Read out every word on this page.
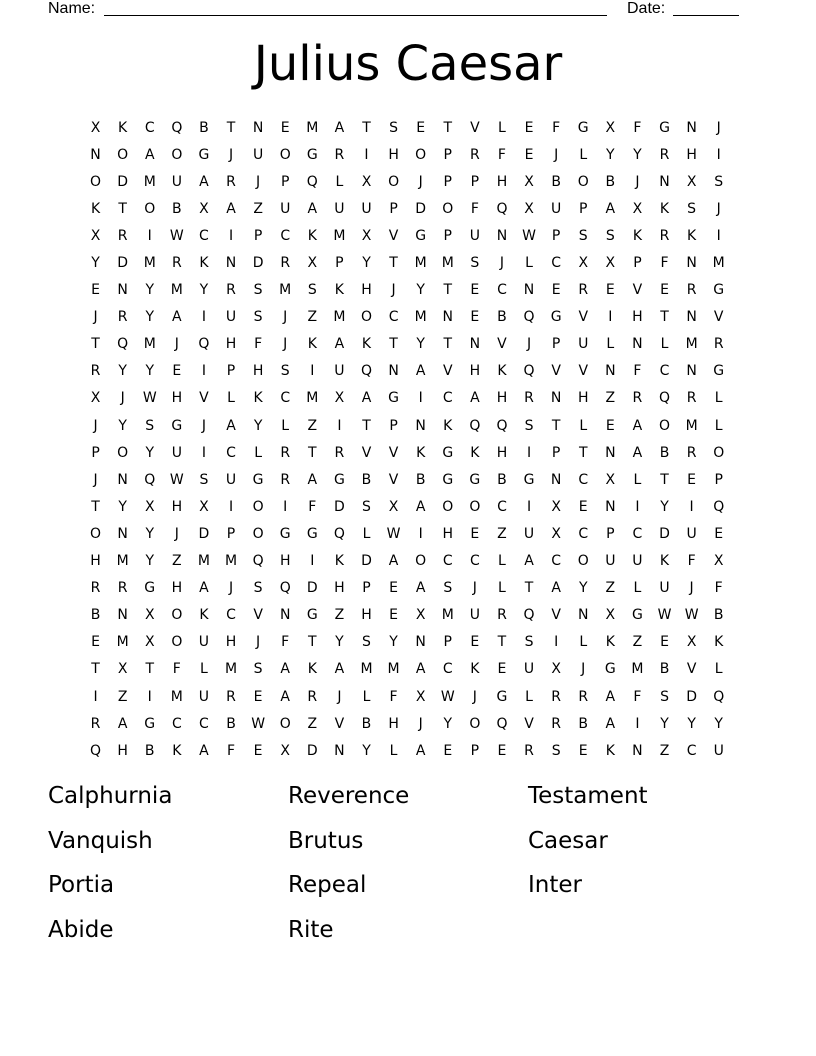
Name:	Date:
Julius Caesar
X	K	C	Q	B	T	N	E	M	A	T	S	E	T	V	L	E	F	G	X	F	G	N	J
N	O	A	O	G	J	U	O	G	R	I	H	O	P	R	F	E	J	L	Y	Y	R	H	I
O	D	M	U	A	R	J	P	Q	L	X	O	J	P	P	H	X	B	O	B	J	N	X	S
K	T	O	B	X	A	Z	U	A	U	U	P	D	O	F	Q	X	U	P	A	X	K	S	J
X	R	I	W	C	I	P	C	K	M	X	V	G	P	U	N	W	P	S	S	K	R	K	I
Y	D	M	R	K	N	D	R	X	P	Y	T	M	M	S	J	L	C	X	X	P	F	N	M
E	N	Y	M	Y	R	S	M	S	K	H	J	Y	T	E	C	N	E	R	E	V	E	R	G
J	R	Y	A	I	U	S	J	Z	M	O	C	M	N	E	B	Q	G	V	I	H	T	N	V
T	Q	M	J	Q	H	F	J	K	A	K	T	Y	T	N	V	J	P	U	L	N	L	M	R
R	Y	Y	E	I	P	H	S	I	U	Q	N	A	V	H	K	Q	V	V	N	F	C	N	G
X	J	W	H	V	L	K	C	M	X	A	G	I	C	A	H	R	N	H	Z	R	Q	R	L
J	Y	S	G	J	A	Y	L	Z	I	T	P	N	K	Q	Q	S	T	L	E	A	O	M	L
P	O	Y	U	I	C	L	R	T	R	V	V	K	G	K	H	I	P	T	N	A	B	R	O
J	N	Q	W	S	U	G	R	A	G	B	V	B	G	G	B	G	N	C	X	L	T	E	P
T	Y	X	H	X	I	O	I	F	D	S	X	A	O	O	C	I	X	E	N	I	Y	I	Q
O	N	Y	J	D	P	O	G	G	Q	L	W	I	H	E	Z	U	X	C	P	C	D	U	E
H	M	Y	Z	M	M	Q	H	I	K	D	A	O	C	C	L	A	C	O	U	U	K	F	X
R	R	G	H	A	J	S	Q	D	H	P	E	A	S	J	L	T	A	Y	Z	L	U	J	F
B	N	X	O	K	C	V	N	G	Z	H	E	X	M	U	R	Q	V	N	X	G	W W	B
E	M	X	O	U	H	J	F	T	Y	S	Y	N	P	E	T	S	I	L	K	Z	E	X	K
T	X	T	F	L	M	S	A	K	A	M	M	A	C	K	E	U	X	J	G	M	B	V	L
I	Z	I	M	U	R	E	A	R	J	L	F	X	W	J	G	L	R	R	A	F	S	D	Q
R	A	G	C	C	B	W	O	Z	V	B	H	J	Y	O	Q	V	R	B	A	I	Y	Y	Y
Q	H	B	K	A	F	E	X	D	N	Y	L	A	E	P	E	R	S	E	K	N	Z	C	U
Calphurnia	Reverence	Testament
Vanquish	Brutus	Caesar
Portia	Repeal	Inter
Abide	Rite
